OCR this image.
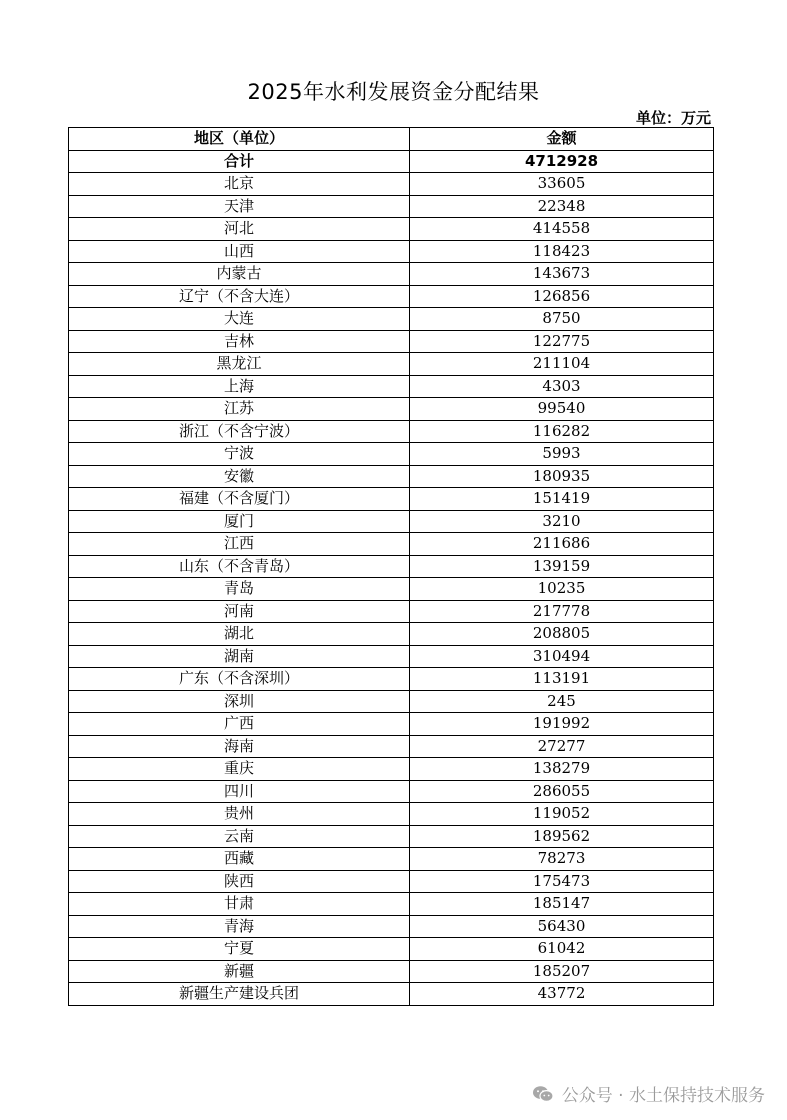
2025年水利发展资金分配结果
单位：万元
地区（单位）	金额
合计	4712928
北京	33605
天津	22348
河北	414558
山西	118423
内蒙古	143673
辽宁（不含大连）	126856
大连	8750
吉林	122775
黑龙江	211104
上海	4303
江苏	99540
浙江（不含宁波）	116282
宁波	5993
安徽	180935
福建（不含厦门）	151419
厦门	3210
江西	211686
山东（不含青岛）	139159
青岛	10235
河南	217778
湖北	208805
湖南	310494
广东（不含深圳）	113191
深圳	245
广西	191992
海南	27277
重庆	138279
四川	286055
贵州	119052
云南	189562
西藏	78273
陕西	175473
甘肃	185147
青海	56430
宁夏	61042
新疆	185207
新疆生产建设兵团	43772
公众号 · 水土保持技术服务
